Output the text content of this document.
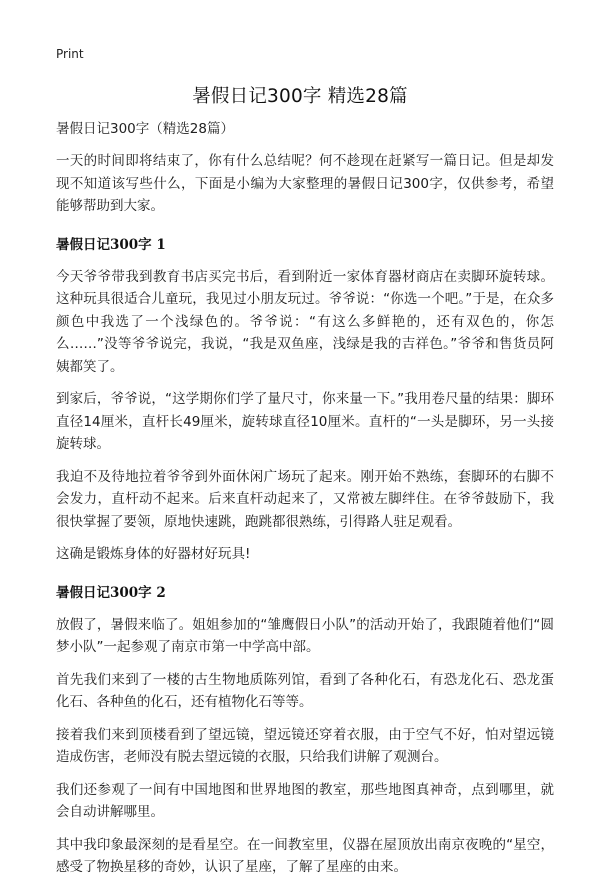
Print
暑假日记300字 精选28篇

暑假日记300字（精选28篇）

一天的时间即将结束了，你有什么总结呢？何不趁现在赶紧写一篇日记。但是却发现不知道该写些什么，下面是小编为大家整理的暑假日记300字，仅供参考，希望能够帮助到大家。

暑假日记300字 1

今天爷爷带我到教育书店买完书后，看到附近一家体育器材商店在卖脚环旋转球。这种玩具很适合儿童玩，我见过小朋友玩过。爷爷说：“你选一个吧。”于是，在众多颜色中我选了一个浅绿色的。爷爷说：“有这么多鲜艳的，还有双色的，你怎么……”没等爷爷说完，我说，“我是双鱼座，浅绿是我的吉祥色。”爷爷和售货员阿姨都笑了。

到家后，爷爷说，“这学期你们学了量尺寸，你来量一下。”我用卷尺量的结果：脚环直径14厘米，直杆长49厘米，旋转球直径10厘米。直杆的“一头是脚环，另一头接旋转球。

我迫不及待地拉着爷爷到外面休闲广场玩了起来。刚开始不熟练，套脚环的右脚不会发力，直杆动不起来。后来直杆动起来了，又常被左脚绊住。在爷爷鼓励下，我很快掌握了要领，原地快速跳，跑跳都很熟练，引得路人驻足观看。

这确是锻炼身体的好器材好玩具!

暑假日记300字 2

放假了，暑假来临了。姐姐参加的“雏鹰假日小队”的活动开始了，我跟随着他们“圆梦小队”一起参观了南京市第一中学高中部。

首先我们来到了一楼的古生物地质陈列馆，看到了各种化石，有恐龙化石、恐龙蛋化石、各种鱼的化石，还有植物化石等等。

接着我们来到顶楼看到了望远镜，望远镜还穿着衣服，由于空气不好，怕对望远镜造成伤害，老师没有脱去望远镜的衣服，只给我们讲解了观测台。

我们还参观了一间有中国地图和世界地图的教室，那些地图真神奇，点到哪里，就会自动讲解哪里。

其中我印象最深刻的是看星空。在一间教室里，仪器在屋顶放出南京夜晚的“星空，感受了物换星移的奇妙，认识了星座，了解了星座的由来。
